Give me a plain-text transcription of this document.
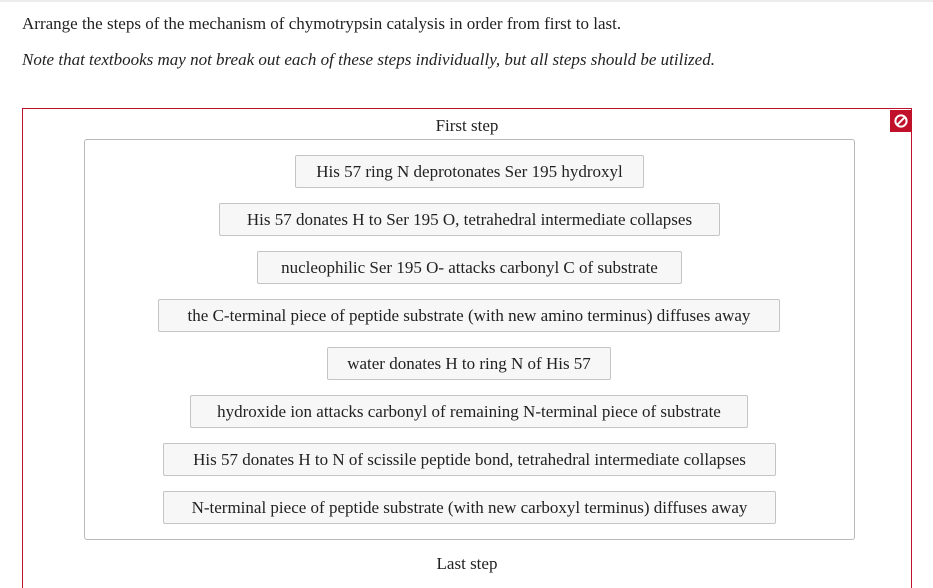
Arrange the steps of the mechanism of chymotrypsin catalysis in order from first to last.

Note that textbooks may not break out each of these steps individually, but all steps should be utilized.

First step
His 57 ring N deprotonates Ser 195 hydroxyl
His 57 donates H to Ser 195 O, tetrahedral intermediate collapses
nucleophilic Ser 195 O- attacks carbonyl C of substrate
the C-terminal piece of peptide substrate (with new amino terminus) diffuses away
water donates H to ring N of His 57
hydroxide ion attacks carbonyl of remaining N-terminal piece of substrate
His 57 donates H to N of scissile peptide bond, tetrahedral intermediate collapses
N-terminal piece of peptide substrate (with new carboxyl terminus) diffuses away
Last step
